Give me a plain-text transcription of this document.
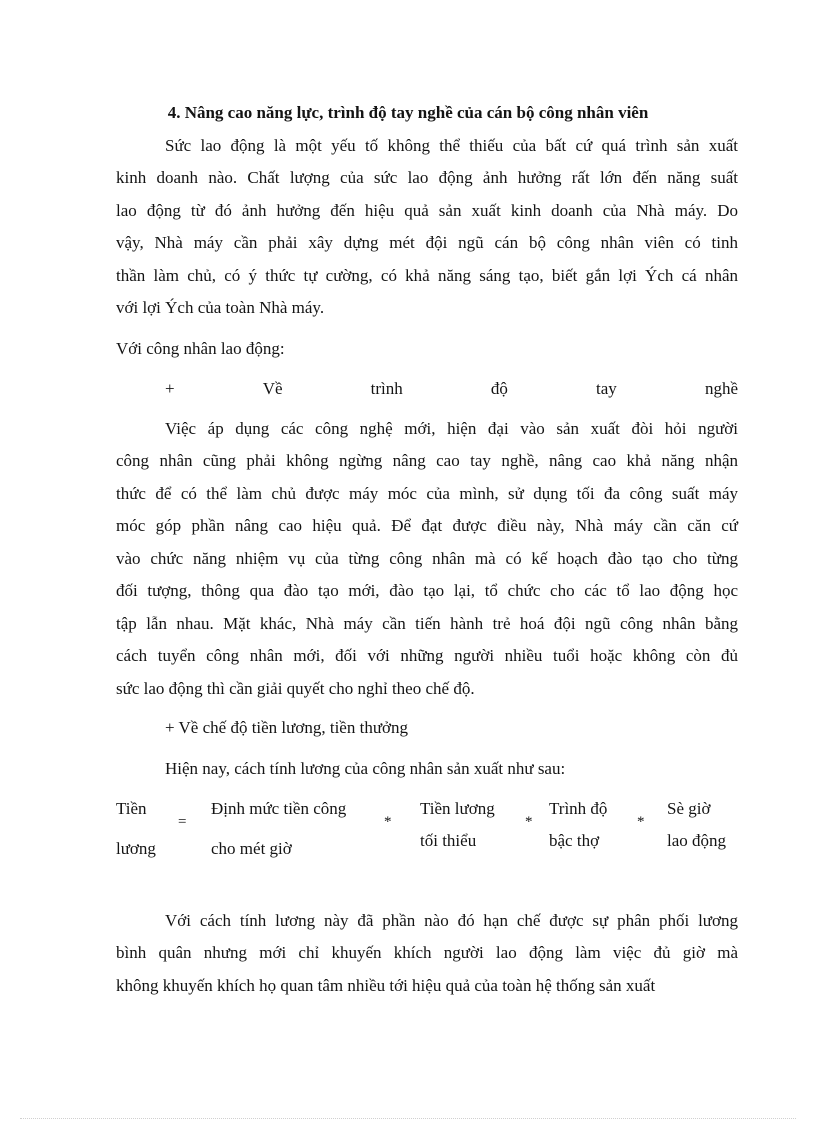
4. Nâng cao năng lực, trình độ tay nghề của cán bộ công nhân viên
Sức lao động là một yếu tố không thể thiếu của bất cứ quá trình sản xuất
kinh doanh nào. Chất lượng của sức lao động ảnh hưởng rất lớn đến năng suất
lao động từ đó ảnh hưởng đến hiệu quả sản xuất kinh doanh của Nhà máy. Do
vậy, Nhà máy cần phải xây dựng mét đội ngũ cán bộ công nhân viên có tinh
thần làm chủ, có ý thức tự cường, có khả năng sáng tạo, biết gắn lợi Ých cá nhân
với lợi Ých của toàn Nhà máy.
Với công nhân lao động:
+	Về	trình	độ	tay	nghề
Việc áp dụng các công nghệ mới, hiện đại vào sản xuất đòi hỏi người
công nhân cũng phải không ngừng nâng cao tay nghề, nâng cao khả năng nhận
thức để có thể làm chủ được máy móc của mình, sử dụng tối đa công suất máy
móc góp phần nâng cao hiệu quả. Để đạt được điều này, Nhà máy cần căn cứ
vào chức năng nhiệm vụ của từng công nhân mà có kế hoạch đào tạo cho từng
đối tượng, thông qua đào tạo mới, đào tạo lại, tổ chức cho các tổ lao động học
tập lẫn nhau. Mặt khác, Nhà máy cần tiến hành trẻ hoá đội ngũ công nhân bằng
cách tuyển công nhân mới, đối với những người nhiều tuổi hoặc không còn đủ
sức lao động thì cần giải quyết cho nghỉ theo chế độ.
+ Về chế độ tiền lương, tiền thưởng
Hiện nay, cách tính lương của công nhân sản xuất như sau:
Tiền
lương
=
Định mức tiền công
cho mét giờ
*
Tiền lương
tối thiểu
*
Trình độ
bậc thợ
*
Sè giờ
lao động
Với cách tính lương này đã phần nào đó hạn chế được sự phân phối lương
bình quân nhưng mới chỉ khuyến khích người lao động làm việc đủ giờ mà
không khuyến khích họ quan tâm nhiều tới hiệu quả của toàn hệ thống sản xuất
